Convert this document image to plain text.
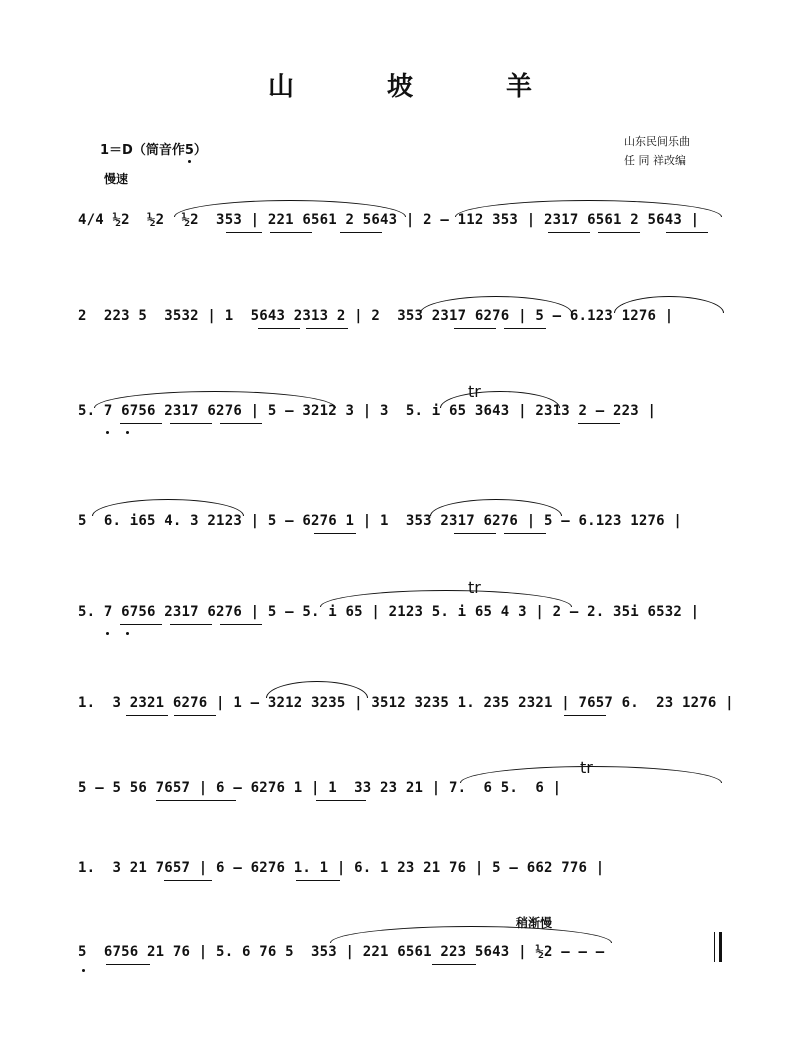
山 坡 羊
1＝D（筒音作5）
慢速
山东民间乐曲
任 同 祥改编
4/4 ½2  ½2  ½2  353 | 221 6561 2 5643 | 2 – 112 353 | 2317 6561 2 5643 |
2  223 5  3532 | 1  5643 2313 2 | 2  353 2317 6276 | 5 – 6.123 1276 |
5. 7 6756 2317 6276 | 5 – 3212 3 | 3  5. i 65 3643 | 2313 2 – 223 |
5  6. i65 4. 3 2123 | 5 – 6276 1 | 1  353 2317 6276 | 5 – 6.123 1276 |
5. 7 6756 2317 6276 | 5 – 5. i 65 | 2123 5. i 65 4 3 | 2 – 2. 35i 6532 |
1.  3 2321 6276 | 1 – 3212 3235 | 3512 3235 1. 235 2321 | 7657 6.  23 1276 |
5 – 5 56 7657 | 6 – 6276 1 | 1  33 23 21 | 7.  6 5.  6 |
1.  3 21 7657 | 6 – 6276 1. 1 | 6. 1 23 21 76 | 5 – 662 776 |
5  6756 21 76 | 5. 6 76 5  353 | 221 6561 223 5643 | ½2 – – –
tr
tr
tr
稍渐慢
